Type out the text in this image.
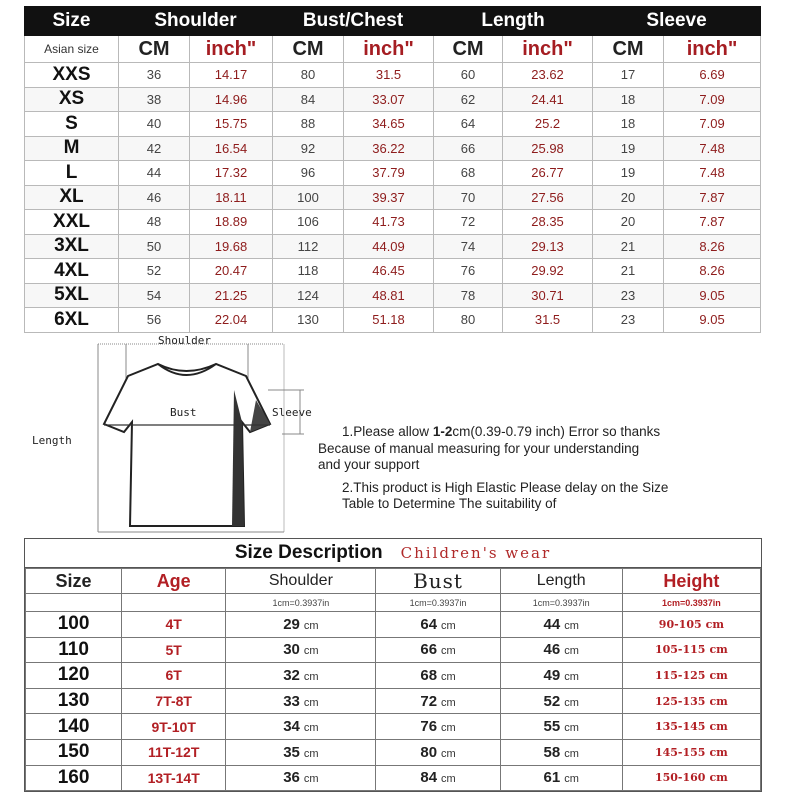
Size	Shoulder		Bust/Chest		Length		Sleeve	
Asian size	CM	inch"	CM	inch"	CM	inch"	CM	inch"
XXS	36	14.17	80	31.5	60	23.62	17	6.69
XS	38	14.96	84	33.07	62	24.41	18	7.09
S	40	15.75	88	34.65	64	25.2	18	7.09
M	42	16.54	92	36.22	66	25.98	19	7.48
L	44	17.32	96	37.79	68	26.77	19	7.48
XL	46	18.11	100	39.37	70	27.56	20	7.87
XXL	48	18.89	106	41.73	72	28.35	20	7.87
3XL	50	19.68	112	44.09	74	29.13	21	8.26
4XL	52	20.47	118	46.45	76	29.92	21	8.26
5XL	54	21.25	124	48.81	78	30.71	23	9.05
6XL	56	22.04	130	51.18	80	31.5	23	9.05
Shoulder
Bust	Sleeve
Length

1.Please allow 1-2cm(0.39-0.79 inch) Error so thanks

Because of manual measuring for your understanding

and your support

2.This product is High Elastic Please delay on the Size

Table to Determine The suitability of

Size Description Children's wear
Size	Age	Shoulder	Bust	Length	Height
		1cm=0.3937in	1cm=0.3937in	1cm=0.3937in	1cm=0.3937in
100	4T	29 cm	64 cm	44 cm	90-105 cm
110	5T	30 cm	66 cm	46 cm	105-115 cm
120	6T	32 cm	68 cm	49 cm	115-125 cm
130	7T-8T	33 cm	72 cm	52 cm	125-135 cm
140	9T-10T	34 cm	76 cm	55 cm	135-145 cm
150	11T-12T	35 cm	80 cm	58 cm	145-155 cm
160	13T-14T	36 cm	84 cm	61 cm	150-160 cm
